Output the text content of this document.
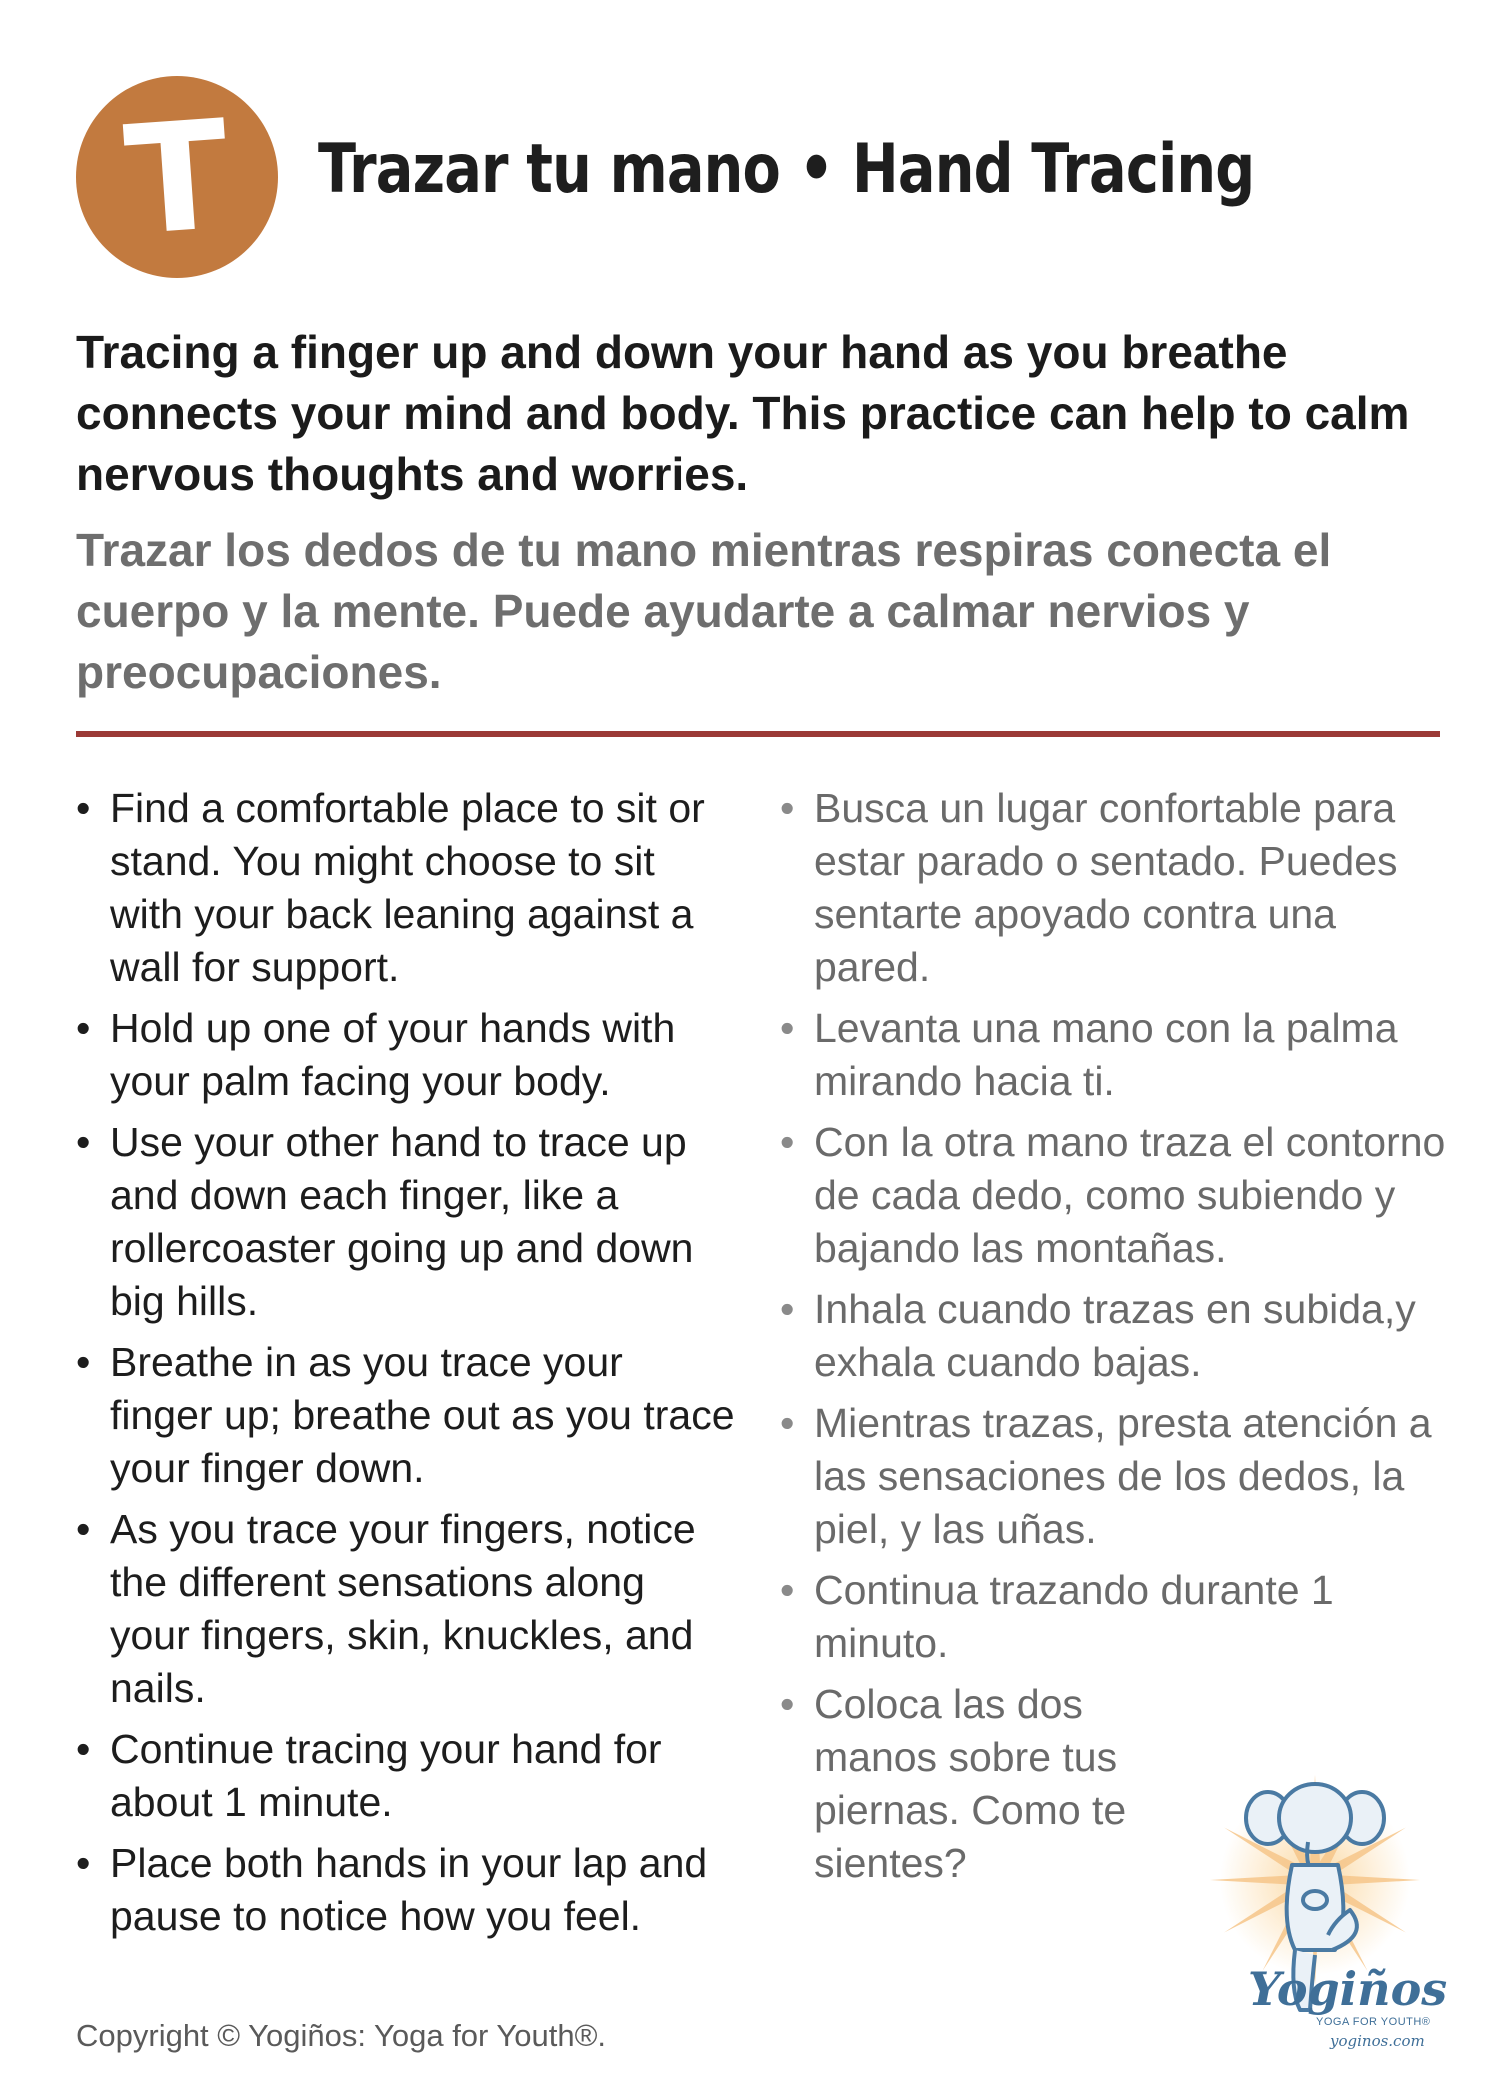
T Trazar tu mano • Hand Tracing

Tracing a finger up and down your hand as you breathe connects your mind and body. This practice can help to calm nervous thoughts and worries.

Trazar los dedos de tu mano mientras respiras conecta el cuerpo y la mente. Puede ayudarte a calmar nervios y preocupaciones.

• Find a comfortable place to sit or stand. You might choose to sit with your back leaning against a wall for support.
• Hold up one of your hands with your palm facing your body.
• Use your other hand to trace up and down each finger, like a rollercoaster going up and down big hills.
• Breathe in as you trace your finger up; breathe out as you trace your finger down.
• As you trace your fingers, notice the different sensations along your fingers, skin, knuckles, and nails.
• Continue tracing your hand for about 1 minute.
• Place both hands in your lap and pause to notice how you feel.
• Busca un lugar confortable para estar parado o sentado. Puedes sentarte apoyado contra una pared.
• Levanta una mano con la palma mirando hacia ti.
• Con la otra mano traza el contorno de cada dedo, como subiendo y bajando las montañas.
• Inhala cuando trazas en subida,y exhala cuando bajas.
• Mientras trazas, presta atención a las sensaciones de los dedos, la piel, y las uñas.
• Continua trazando durante 1 minuto.
• Coloca las dos manos sobre tus piernas. Como te sientes?
Copyright © Yogiños: Yoga for Youth®.
Yogiños
YOGA FOR YOUTH®
yoginos.com
